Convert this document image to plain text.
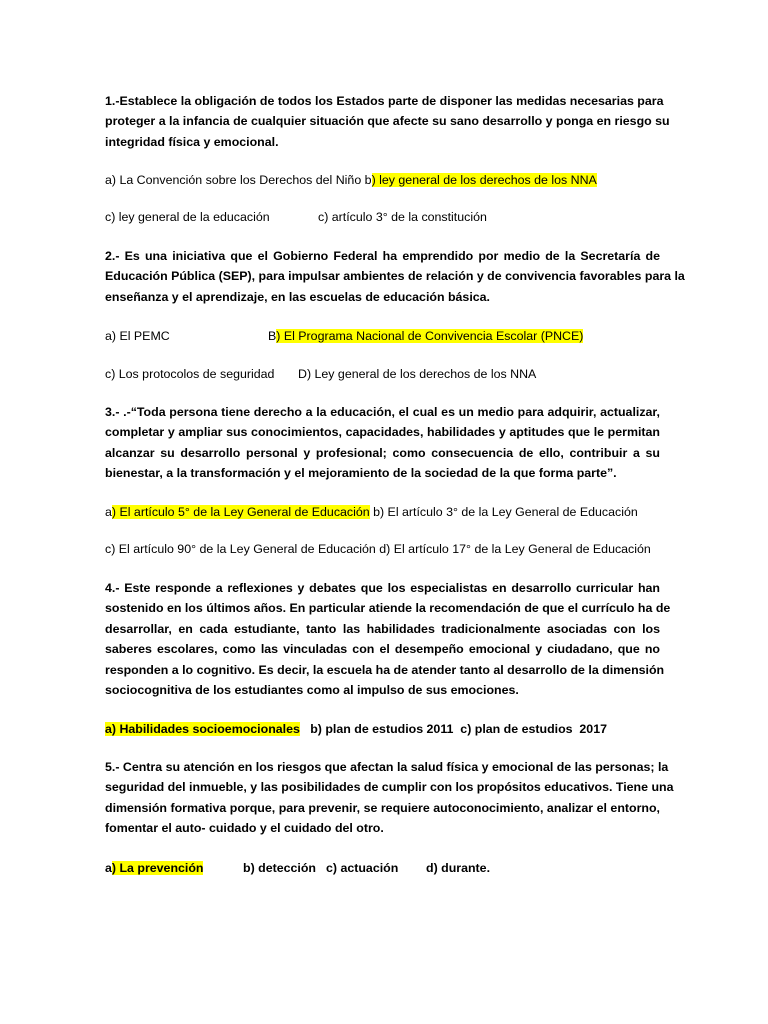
1.-Establece la obligación de todos los Estados parte de disponer las medidas necesarias para
proteger a la infancia de cualquier situación que afecte su sano desarrollo y ponga en riesgo su
integridad física y emocional.
a) La Convención sobre los Derechos del Niño b) ley general de los derechos de los NNA
c) ley general de la educación	c) artículo 3° de la constitución
2.- Es una iniciativa que el Gobierno Federal ha emprendido por medio de la Secretaría de
Educación Pública (SEP), para impulsar ambientes de relación y de convivencia favorables para la
enseñanza y el aprendizaje, en las escuelas de educación básica.
a) El PEMC	B) El Programa Nacional de Convivencia Escolar (PNCE)
c) Los protocolos de seguridad D) Ley general de los derechos de los NNA
3.- .-“Toda persona tiene derecho a la educación, el cual es un medio para adquirir, actualizar,
completar y ampliar sus conocimientos, capacidades, habilidades y aptitudes que le permitan
alcanzar su desarrollo personal y profesional; como consecuencia de ello, contribuir a su
bienestar, a la transformación y el mejoramiento de la sociedad de la que forma parte”.
a) El artículo 5° de la Ley General de Educación b) El artículo 3° de la Ley General de Educación
c) El artículo 90° de la Ley General de Educación d) El artículo 17° de la Ley General de Educación
4.- Este responde a reflexiones y debates que los especialistas en desarrollo curricular han
sostenido en los últimos años. En particular atiende la recomendación de que el currículo ha de
desarrollar, en cada estudiante, tanto las habilidades tradicionalmente asociadas con los
saberes escolares, como las vinculadas con el desempeño emocional y ciudadano, que no
responden a lo cognitivo. Es decir, la escuela ha de atender tanto al desarrollo de la dimensión
sociocognitiva de los estudiantes como al impulso de sus emociones.
a) Habilidades socioemocionales   b) plan de estudios 2011  c) plan de estudios  2017
5.- Centra su atención en los riesgos que afectan la salud física y emocional de las personas; la
seguridad del inmueble, y las posibilidades de cumplir con los propósitos educativos. Tiene una
dimensión formativa porque, para prevenir, se requiere autoconocimiento, analizar el entorno,
fomentar el auto- cuidado y el cuidado del otro.
a) La prevención	b) detección c) actuación d) durante.
